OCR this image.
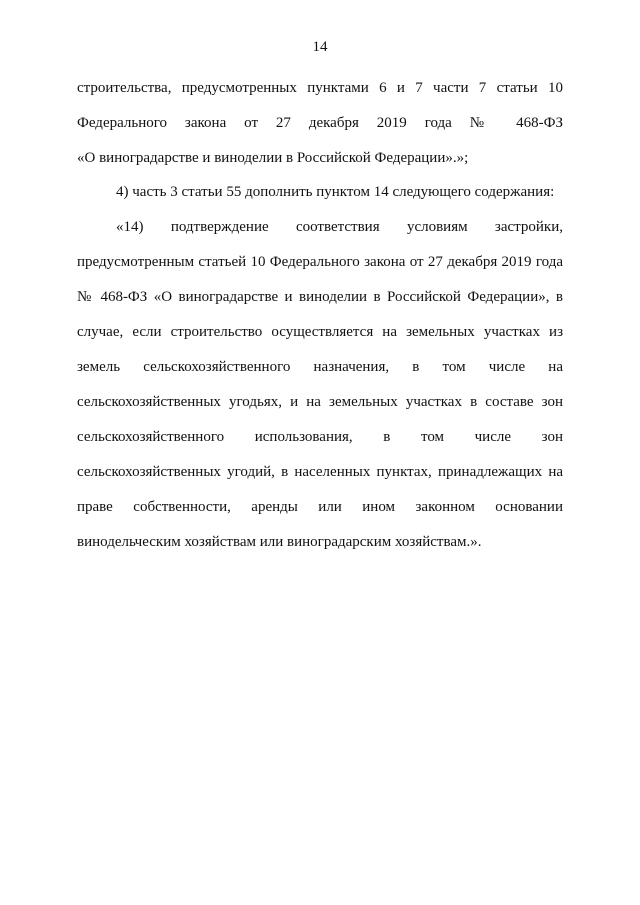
14
строительства, предусмотренных пунктами 6 и 7 части 7 статьи 10
Федерального закона от 27 декабря 2019 года № 468-ФЗ
«О виноградарстве и виноделии в Российской Федерации».»;
4) часть 3 статьи 55 дополнить пунктом 14 следующего содержания:
«14) подтверждение соответствия условиям застройки,
предусмотренным статьей 10 Федерального закона от 27 декабря 2019 года
№ 468-ФЗ «О виноградарстве и виноделии в Российской Федерации», в
случае, если строительство осуществляется на земельных участках из
земель сельскохозяйственного назначения, в том числе на
сельскохозяйственных угодьях, и на земельных участках в составе зон
сельскохозяйственного использования, в том числе зон
сельскохозяйственных угодий, в населенных пунктах, принадлежащих на
праве собственности, аренды или ином законном основании
винодельческим хозяйствам или виноградарским хозяйствам.».
